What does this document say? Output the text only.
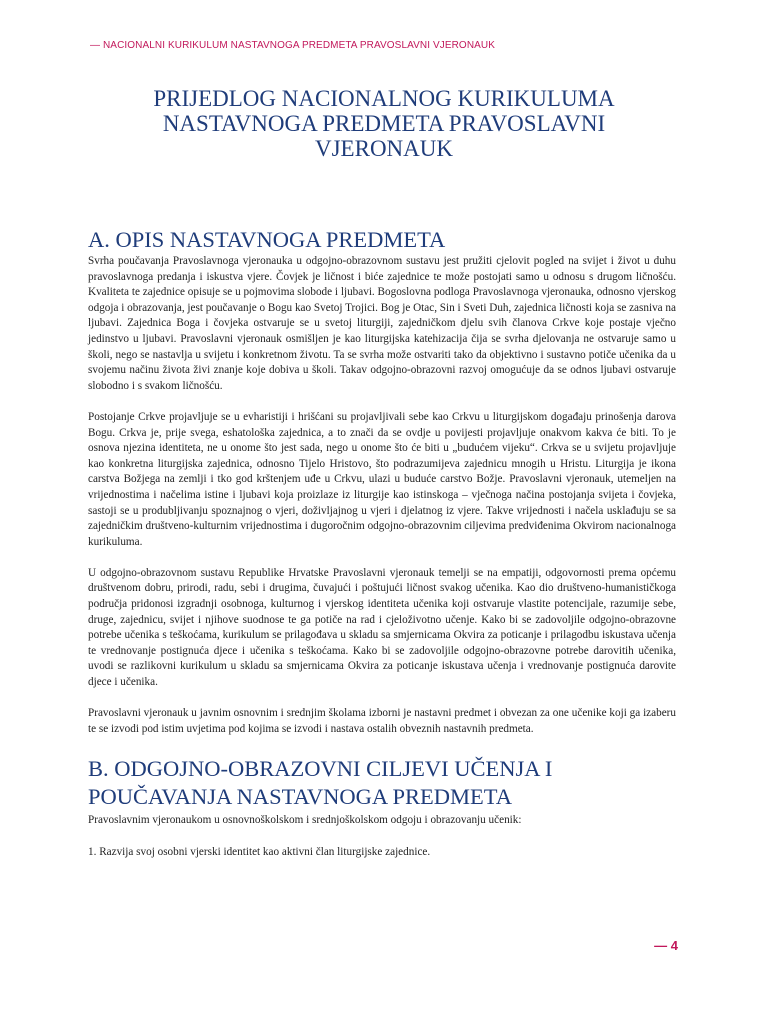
— NACIONALNI KURIKULUM NASTAVNOGA PREDMETA PRAVOSLAVNI VJERONAUK
PRIJEDLOG NACIONALNOG KURIKULUMA
NASTAVNOGA PREDMETA PRAVOSLAVNI
VJERONAUK
A. OPIS NASTAVNOGA PREDMETA

Svrha poučavanja Pravoslavnoga vjeronauka u odgojno-obrazovnom sustavu jest pružiti cjelovit pogled na svijet i život u duhu pravoslavnoga predanja i iskustva vjere. Čovjek je ličnost i biće zajednice te može postojati samo u odnosu s drugom ličnošću. Kvaliteta te zajednice opisuje se u pojmovima slobode i ljubavi. Bogoslovna podloga Pravoslavnoga vjeronauka, odnosno vjerskog odgoja i obrazovanja, jest poučavanje o Bogu kao Svetoj Trojici. Bog je Otac, Sin i Sveti Duh, zajednica ličnosti koja se zasniva na ljubavi. Zajednica Boga i čovjeka ostvaruje se u svetoj liturgiji, zajedničkom djelu svih članova Crkve koje postaje vječno jedinstvo u ljubavi. Pravoslavni vjeronauk osmišljen je kao liturgijska kateh​izacija čija se svrha djelovanja ne ostvaruje samo u školi, nego se nastavlja u svijetu i konkretnom životu. Ta se svrha može ostvariti tako da objektivno i sustavno potiče učenika da u svojemu načinu života živi znanje koje dobiva u školi. Takav odgojno-obrazovni razvoj omogućuje da se odnos ljubavi ostvaruje slobodno i s svakom ličnošću.

Postojanje Crkve projavljuje se u evharistiji i hrišćani su projavljivali sebe kao Crkvu u liturgijskom događaju prinošenja darova Bogu. Crkva je, prije svega, eshatološka zajednica, a to znači da se ovdje u povijesti projavljuje onakvom kakva će biti. To je osnova njezina identiteta, ne u onome što jest sada, nego u onome što će biti u „budućem vijeku“. Crkva se u svijetu projavljuje kao konkretna liturgijska zajednica, odnosno Tijelo Hristovo, što podrazumijeva zajednicu mnogih u Hristu. Liturgija je ikona carstva Božjega na zemlji i tko god kršten​jem uđe u Crkvu, ulazi u buduće carstvo Božje. Pravoslavni vjeronauk, utemeljen na vrijednostima i načelima istine i ljubavi koja proizlaze iz liturgije kao istinskoga – vječnoga načina postojanja svijeta i čovjeka, sastoji se u produbljivanju spoznajnog o vjeri, doživljajnog u vjeri i djelatnog iz vjere. Takve vrijednosti i načela usklađuju se sa zajedničkim društveno-kulturnim vrijednostima i dugoročnim odgojno-obrazovnim ciljevima predviđenima Okvirom nacionalnoga kurikuluma.

U odgojno-obrazovnom sustavu Republike Hrvatske Pravoslavni vjeronauk temelji se na empatiji, odgovornosti prema općemu društvenom dobru, prirodi, radu, sebi i drugima, čuvajući i poštujući ličnost svakog učenika. Kao dio društveno-humanističkoga područja pridonosi izgradnji osobnoga, kulturnog i vjerskog identiteta učenika koji ostvaruje vlastite potencijale, razumije sebe, druge, zajednicu, svijet i njihove suodnose te ga potiče na rad i cjeloživotno učenje. Kako bi se zadovoljile odgojno-obrazovne potrebe učenika s teškoćama, kurikulum se prilagođava u skladu sa smjernicama Okvira za poticanje i prilagodbu iskustava učenja te vrednovanje postignuća djece i učenika s teškoćama. Kako bi se zadovoljile odgojno-obrazovne potrebe darovitih učenika, uvodi se razlikovni kurikulum u skladu sa smjernicama Okvira za poticanje iskustava učenja i vrednovanje postignuća darovite djece i učenika.

Pravoslavni vjeronauk u javnim osnovnim i srednjim školama izborni je nastavni predmet i obvezan za one učenike koji ga izaberu te se izvodi pod istim uvjetima pod kojima se izvodi i nastava ostalih obveznih nastavnih predmeta.

B. ODGOJNO-OBRAZOVNI CILJEVI UČENJA I
POUČAVANJA NASTAVNOGA PREDMETA

Pravoslavnim vjeronaukom u osnovnoškolskom i srednjoškolskom odgoju i obrazovanju učenik:

1. Razvija svoj osobni vjerski identitet kao aktivni član liturgijske zajednice.

— 4
